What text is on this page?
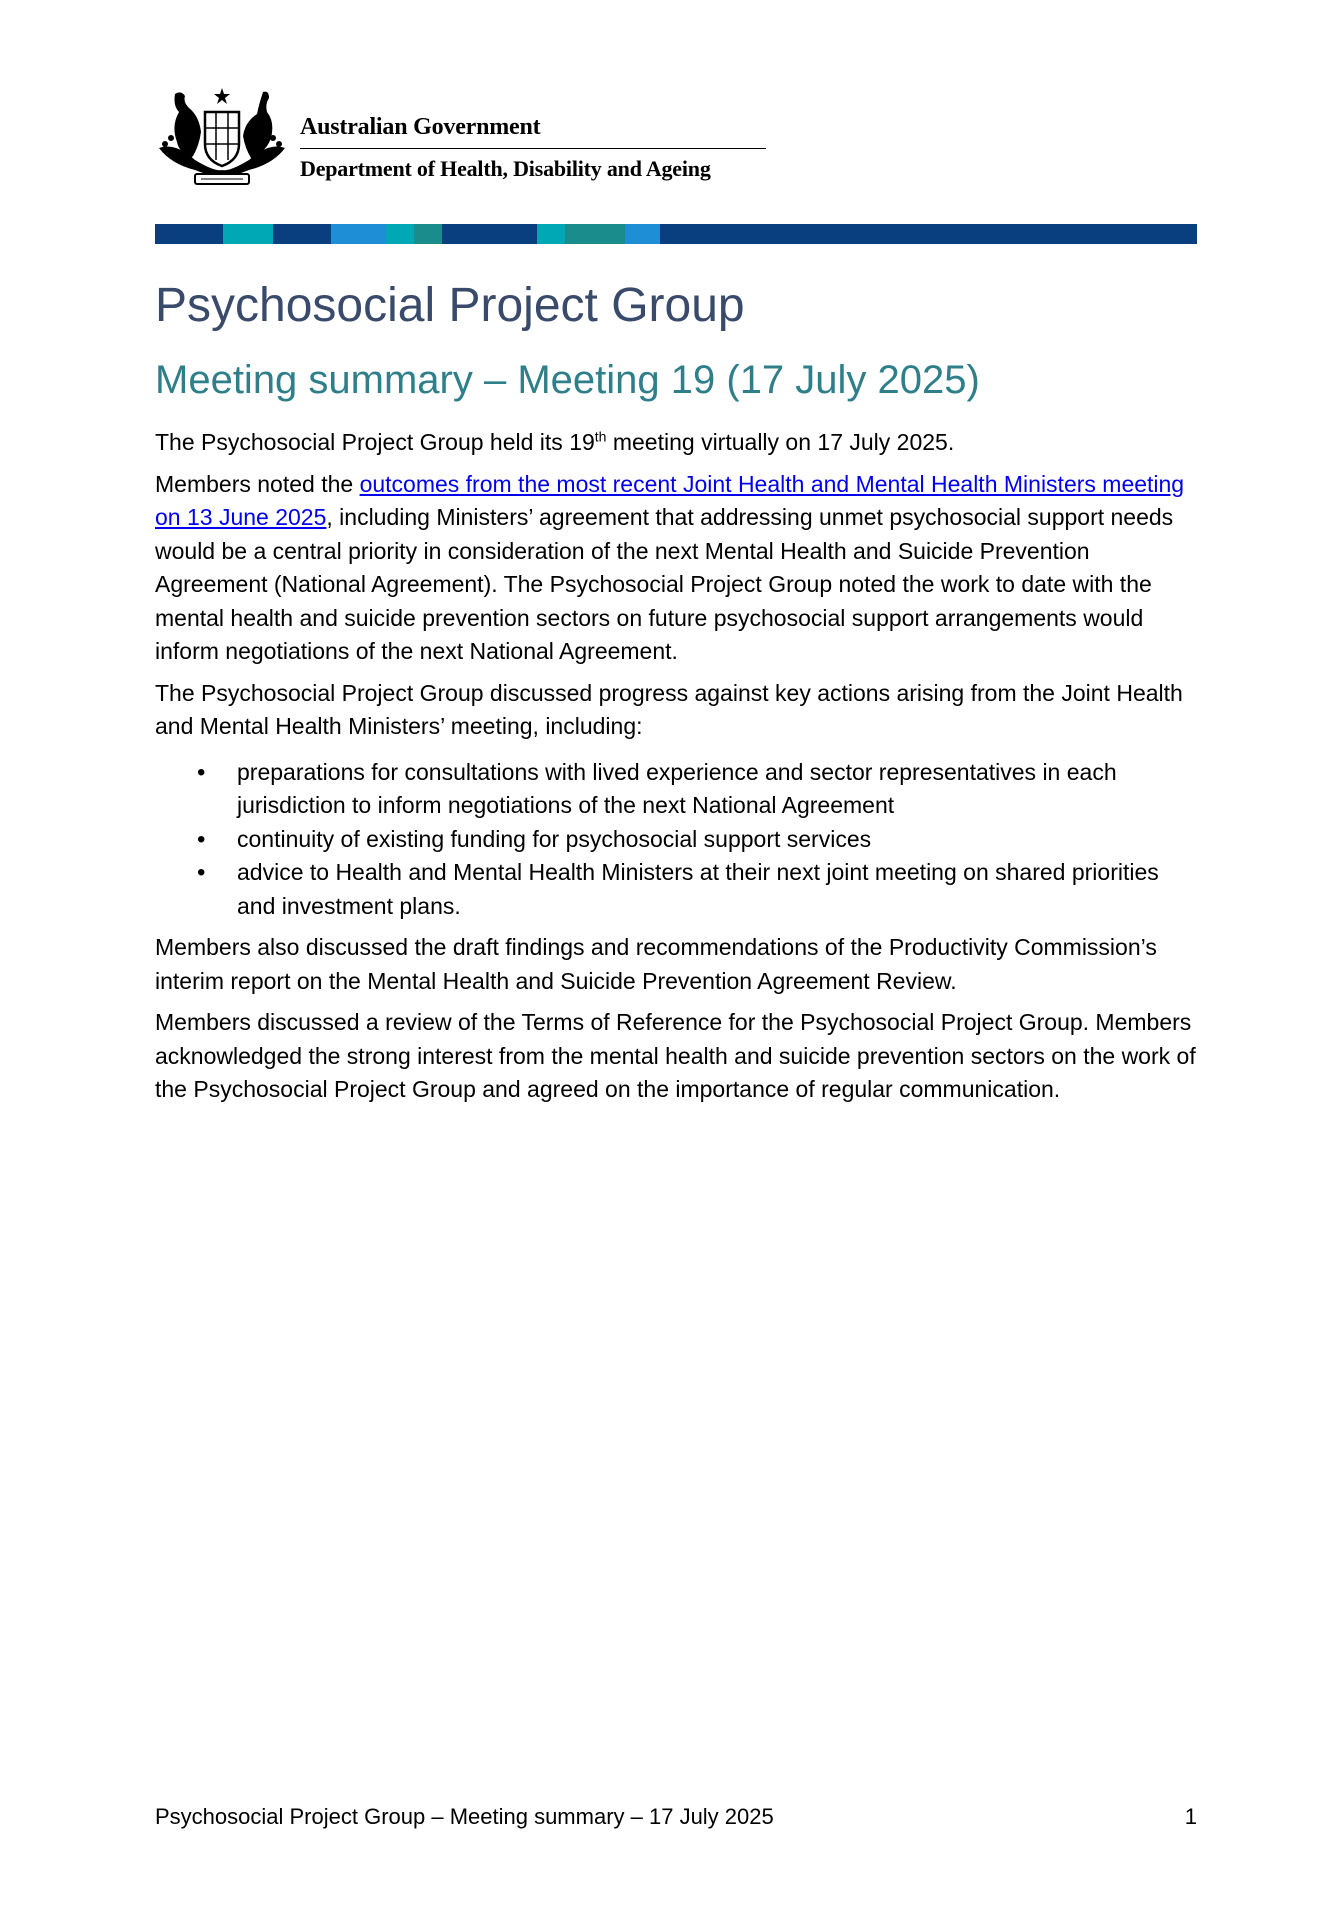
Australian Government
Department of Health, Disability and Ageing
Psychosocial Project Group
Meeting summary – Meeting 19 (17 July 2025)

The Psychosocial Project Group held its 19th meeting virtually on 17 July 2025.

Members noted the outcomes from the most recent Joint Health and Mental Health Ministers meeting on 13 June 2025, including Ministers’ agreement that addressing unmet psychosocial support needs would be a central priority in consideration of the next Mental Health and Suicide Prevention Agreement (National Agreement). The Psychosocial Project Group noted the work to date with the mental health and suicide prevention sectors on future psychosocial support arrangements would inform negotiations of the next National Agreement.

The Psychosocial Project Group discussed progress against key actions arising from the Joint Health and Mental Health Ministers’ meeting, including:

• preparations for consultations with lived experience and sector representatives in each jurisdiction to inform negotiations of the next National Agreement
• continuity of existing funding for psychosocial support services
• advice to Health and Mental Health Ministers at their next joint meeting on shared priorities and investment plans.

Members also discussed the draft findings and recommendations of the Productivity Commission’s interim report on the Mental Health and Suicide Prevention Agreement Review.

Members discussed a review of the Terms of Reference for the Psychosocial Project Group. Members acknowledged the strong interest from the mental health and suicide prevention sectors on the work of the Psychosocial Project Group and agreed on the importance of regular communication.

Psychosocial Project Group – Meeting summary – 17 July 2025	1
